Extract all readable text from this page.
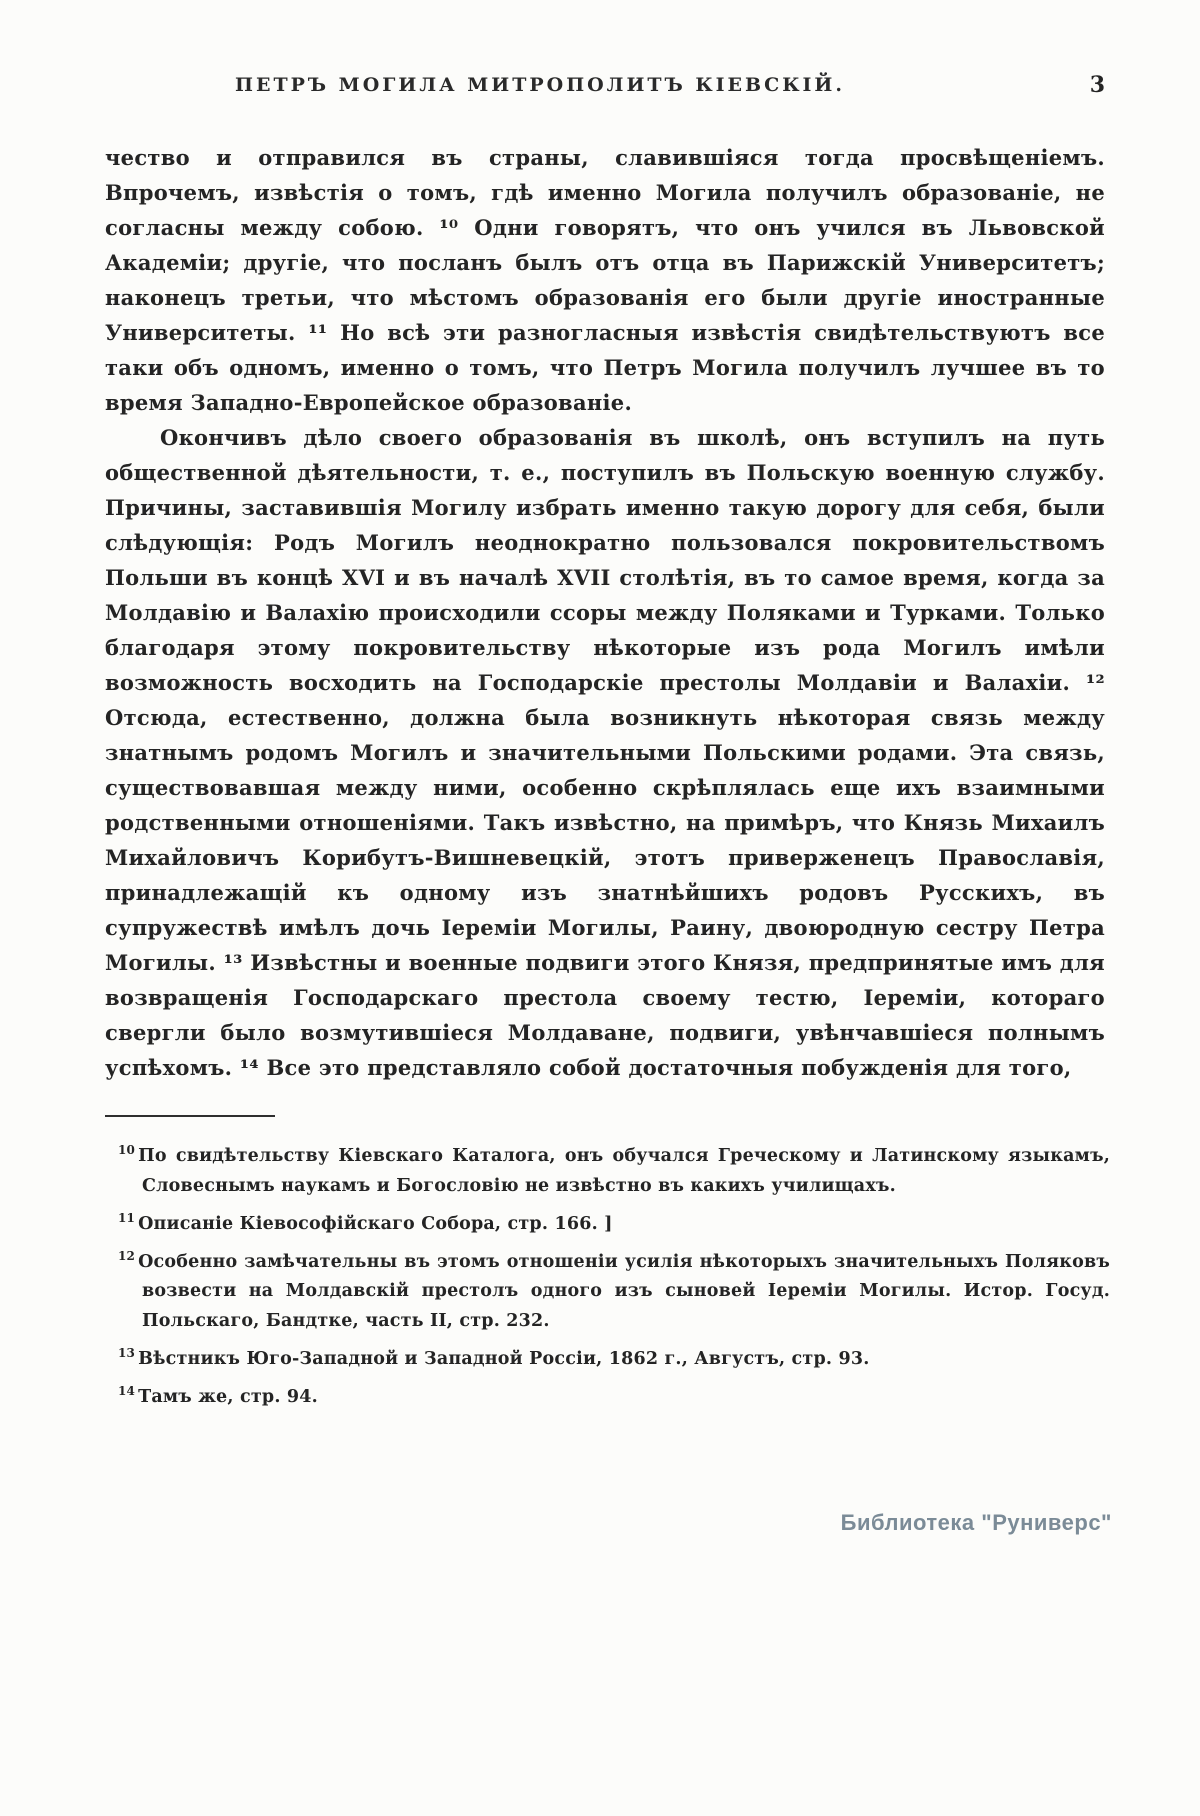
ПЕТРЪ МОГИЛА МИТРОПОЛИТЪ КІЕВСКІЙ.	3

чество и отправился въ страны, славившіяся тогда просвѣщеніемъ. Впрочемъ, извѣстія о томъ, гдѣ именно Могила получилъ образованіе, не согласны между собою. ¹⁰ Одни говорятъ, что онъ учился въ Львовской Академіи; другіе, что посланъ былъ отъ отца въ Парижскій Университетъ; наконецъ третьи, что мѣстомъ образованія его были другіе иностранные Университеты. ¹¹ Но всѣ эти разногласныя извѣстія свидѣтельствуютъ все таки объ одномъ, именно о томъ, что Петръ Могила получилъ лучшее въ то время Западно-Европейское образованіе.

Окончивъ дѣло своего образованія въ школѣ, онъ вступилъ на путь общественной дѣятельности, т. е., поступилъ въ Польскую военную службу. Причины, заставившія Могилу избрать именно такую дорогу для себя, были слѣдующія: Родъ Могилъ неоднократно пользовался покровительствомъ Польши въ концѣ XVI и въ началѣ XVII столѣтія, въ то самое время, когда за Молдавію и Валахію происходили ссоры между Поляками и Турками. Только благодаря этому покровительству нѣкоторые изъ рода Могилъ имѣли возможность восходить на Господарскіе престолы Молдавіи и Валахіи. ¹² Отсюда, естественно, должна была возникнуть нѣкоторая связь между знатнымъ родомъ Могилъ и значительными Польскими родами. Эта связь, существовавшая между ними, особенно скрѣплялась еще ихъ взаимными родственными отношеніями. Такъ извѣстно, на примѣръ, что Князь Михаилъ Михайловичъ Корибутъ-Вишневецкій, этотъ приверженецъ Православія, принадлежащій къ одному изъ знатнѣйшихъ родовъ Русскихъ, въ супружествѣ имѣлъ дочь Іереміи Могилы, Раину, двоюродную сестру Петра Могилы. ¹³ Извѣстны и военные подвиги этого Князя, предпринятые имъ для возвращенія Господарскаго престола своему тестю, Іереміи, котораго свергли было возмутившіеся Молдаване, подвиги, увѣнчавшіеся полнымъ успѣхомъ. ¹⁴ Все это представляло собой достаточныя побужденія для того,

$^{10}$ По свидѣтельству Кіевскаго Каталога, онъ обучался Греческому и Латинскому языкамъ, Словеснымъ наукамъ и Богословію не извѣстно въ какихъ училищахъ.
$^{11}$ Описаніе Кіевософійскаго Собора, стр. 166. ]
$^{12}$ Особенно замѣчательны въ этомъ отношеніи усилія нѣкоторыхъ значительныхъ Поляковъ возвести на Молдавскій престолъ одного изъ сыновей Іереміи Могилы. Истор. Госуд. Польскаго, Бандтке, часть II, стр. 232.
$^{13}$ Вѣстникъ Юго-Западной и Западной Россіи, 1862 г., Августъ, стр. 93.
$^{14}$ Тамъ же, стр. 94.
Библиотека "Руниверс"
